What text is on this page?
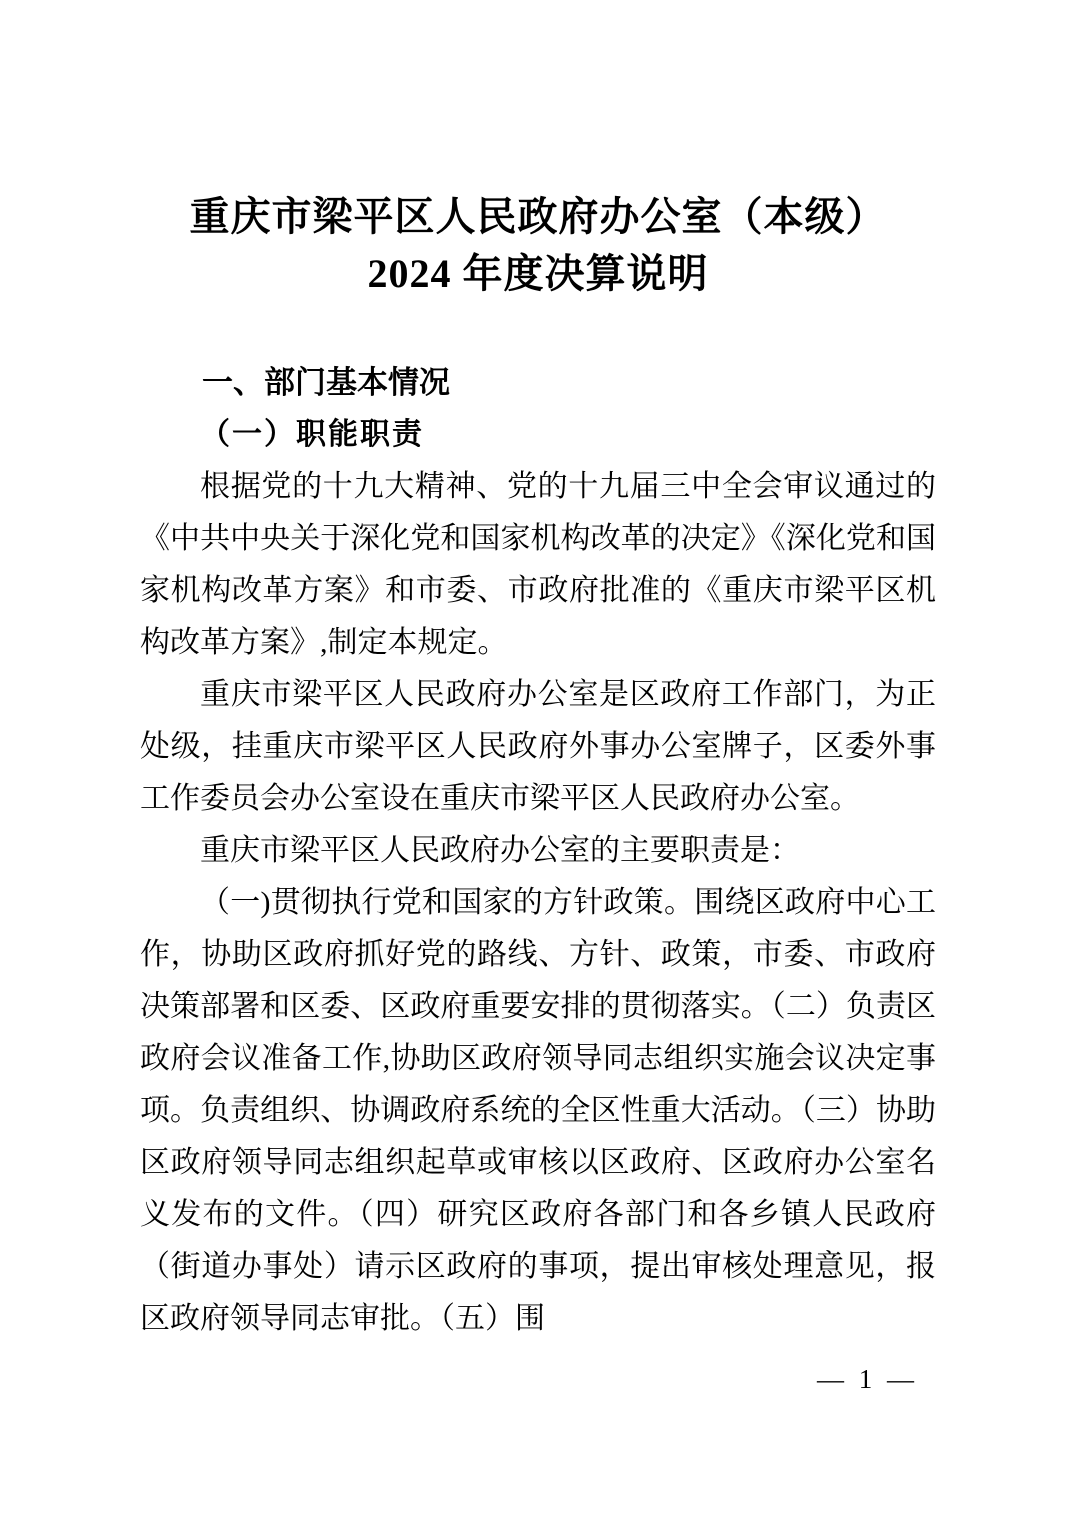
重庆市梁平区人民政府办公室（本级）
2024 年度决算说明
一、部门基本情况
（一）职能职责

根据党的十九大精神、党的十九届三中全会审议通过的《中共中央关于深化党和国家机构改革的决定》《深化党和国家机构改革方案》和市委、市政府批准的《重庆市梁平区机构改革方案》,制定本规定。

重庆市梁平区人民政府办公室是区政府工作部门，为正处级，挂重庆市梁平区人民政府外事办公室牌子，区委外事工作委员会办公室设在重庆市梁平区人民政府办公室。

重庆市梁平区人民政府办公室的主要职责是：

（一)贯彻执行党和国家的方针政策。围绕区政府中心工作，协助区政府抓好党的路线、方针、政策，市委、市政府决策部署和区委、区政府重要安排的贯彻落实。（二）负责区政府会议准备工作,协助区政府领导同志组织实施会议决定事项。负责组织、协调政府系统的全区性重大活动。（三）协助区政府领导同志组织起草或审核以区政府、区政府办公室名义发布的文件。（四）研究区政府各部门和各乡镇人民政府（街道办事处）请示区政府的事项，提出审核处理意见，报区政府领导同志审批。（五）围

— 1 —
